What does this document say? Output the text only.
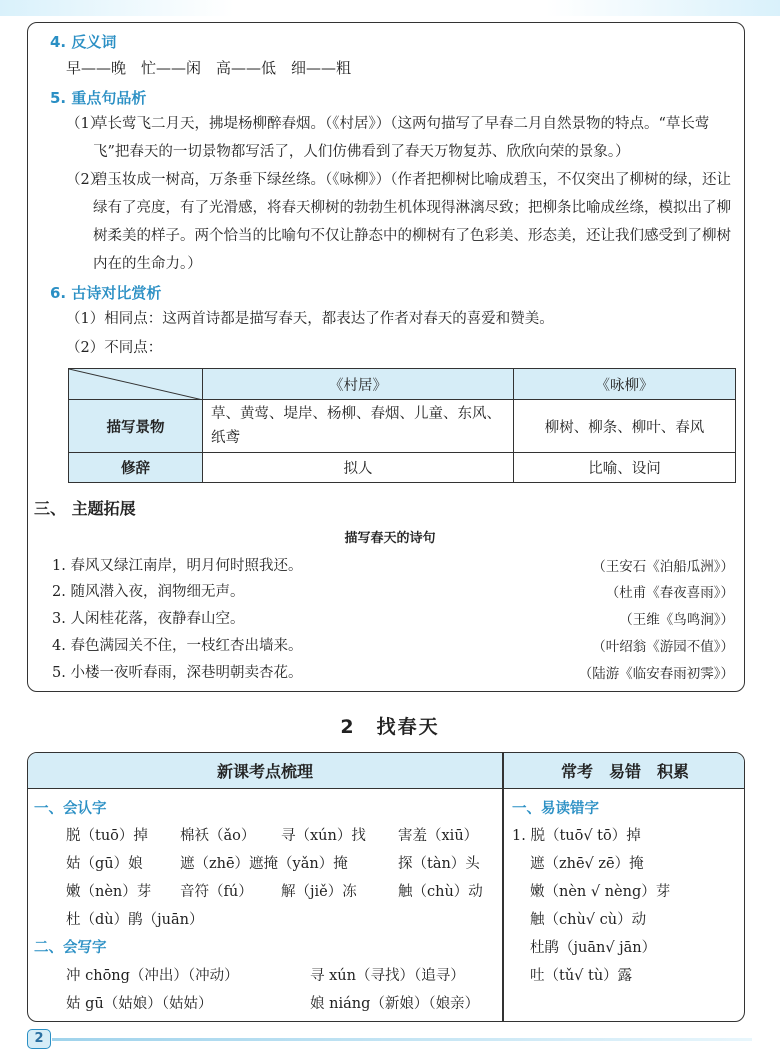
4. 反义词
早——晚　忙——闲　高——低　细——粗
5. 重点句品析
（1）
草长莺飞二月天，拂堤杨柳醉春烟。（《村居》）（这两句描写了早春二月自然景物的特点。“草长莺飞”把春天的一切景物都写活了，人们仿佛看到了春天万物复苏、欣欣向荣的景象。）
（2）
碧玉妆成一树高，万条垂下绿丝绦。（《咏柳》）（作者把柳树比喻成碧玉，不仅突出了柳树的绿，还让绿有了亮度，有了光滑感，将春天柳树的勃勃生机体现得淋漓尽致；把柳条比喻成丝绦，模拟出了柳树柔美的样子。两个恰当的比喻句不仅让静态中的柳树有了色彩美、形态美，还让我们感受到了柳树内在的生命力。）
6. 古诗对比赏析
（1）相同点：这两首诗都是描写春天，都表达了作者对春天的喜爱和赞美。
（2）不同点：
	《村居》	《咏柳》
描写景物	草、黄莺、堤岸、杨柳、春烟、儿童、东风、纸鸢	柳树、柳条、柳叶、春风
修辞	拟人	比喻、设问
三、 主题拓展
描写春天的诗句
1. 春风又绿江南岸，明月何时照我还。	（王安石《泊船瓜洲》）
2. 随风潜入夜，润物细无声。	（杜甫《春夜喜雨》）
3. 人闲桂花落，夜静春山空。	（王维《鸟鸣涧》）
4. 春色满园关不住，一枝红杏出墙来。	（叶绍翁《游园不值》）
5. 小楼一夜听春雨，深巷明朝卖杏花。	（陆游《临安春雨初霁》）
2　找春天
新课考点梳理	常考　易错　积累
一、会认字
脱（tuō）掉 棉袄（ǎo） 寻（xún）找 害羞（xiū）
姑（gū）娘	遮（zhē）遮掩（yǎn）掩	探（tàn）头
嫩（nèn）芽 音符（fú） 解（jiě）冻	触（chù）动
杜（dù）鹃（juān）
二、会写字
冲 chōng（冲出）（冲动）	寻 xún（寻找）（追寻）
姑 gū（姑娘）（姑姑）	娘 niáng（新娘）（娘亲）
一、易读错字
1. 脱（tuō√ tō）掉
遮（zhē√ zē）掩
嫩（nèn √ nèng）芽
触（chù√ cù）动
杜鹃（juān√ jān）
吐（tǔ√ tù）露
2
